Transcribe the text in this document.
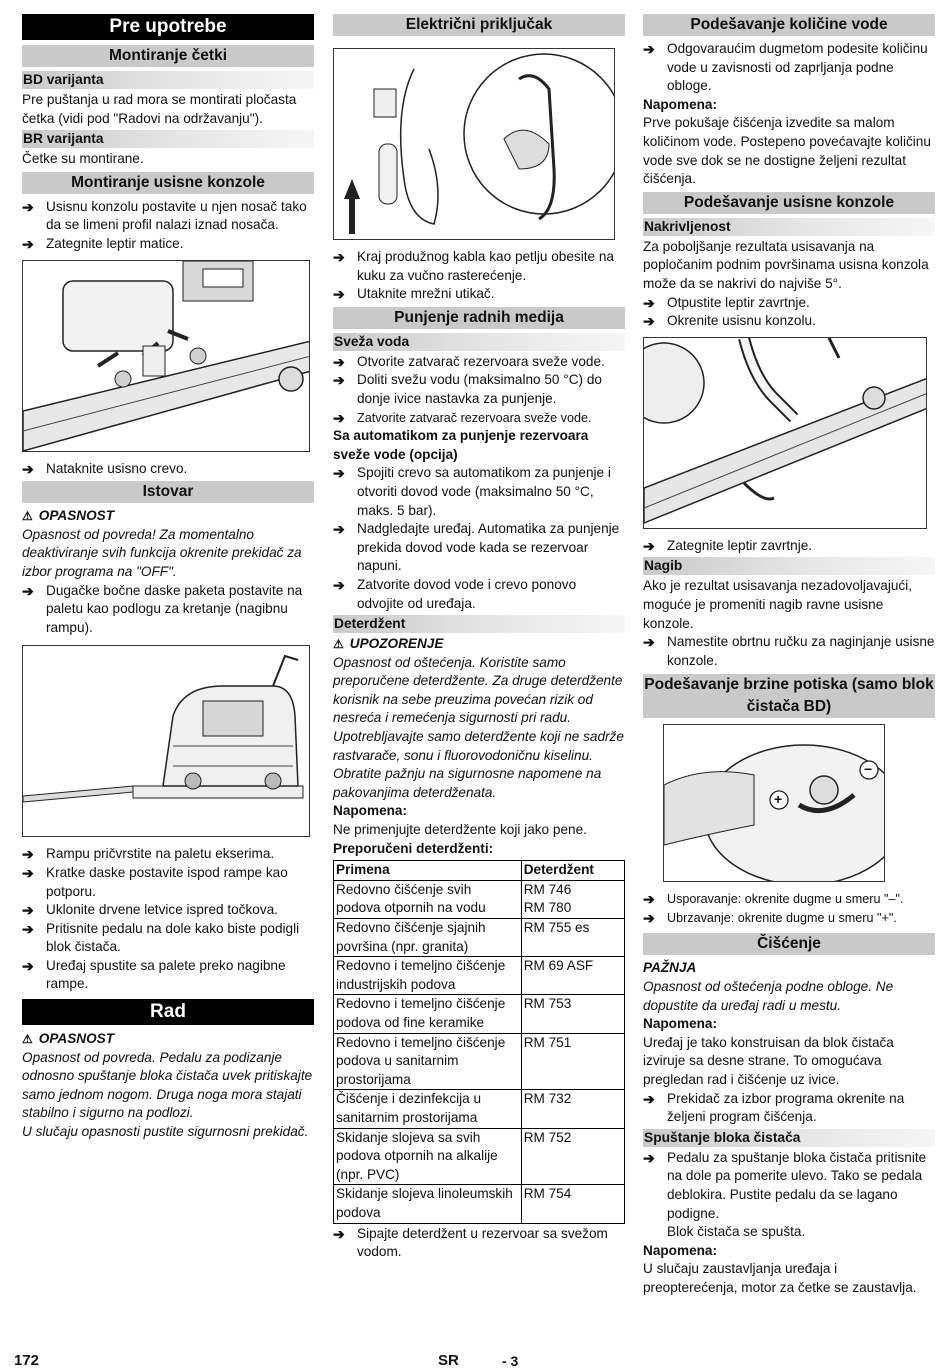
Pre upotrebe
Montiranje četki
BD varijanta

Pre puštanja u rad mora se montirati pločasta četka (vidi pod "Radovi na održavanju").

BR varijanta

Četke su montirane.

Montiranje usisne konzole
➔ Usisnu konzolu postavite u njen nosač tako da se limeni profil nalazi iznad nosača.
➔ Zategnite leptir matice.
➔ Nataknite usisno crevo.
Istovar
⚠ OPASNOST

Opasnost od povreda! Za momentalno deaktiviranje svih funkcija okrenite prekidač za izbor programa na "OFF".

➔ Dugačke bočne daske paketa postavite na paletu kao podlogu za kretanje (nagibnu rampu).
➔ Rampu pričvrstite na paletu ekserima.
➔ Kratke daske postavite ispod rampe kao potporu.
➔ Uklonite drvene letvice ispred točkova.
➔ Pritisnite pedalu na dole kako biste podigli blok čistača.
➔ Uređaj spustite sa palete preko nagibne rampe.
Rad
⚠ OPASNOST

Opasnost od povreda. Pedalu za podizanje odnosno spuštanje bloka čistača uvek pritiskajte samo jednom nogom. Druga noga mora stajati stabilno i sigurno na podlozi.

U slučaju opasnosti pustite sigurnosni prekidač.

Električni priključak
➔ Kraj produžnog kabla kao petlju obesite na kuku za vučno rasterećenje.
➔ Utaknite mrežni utikač.
Punjenje radnih medija
Sveža voda
➔ Otvorite zatvarač rezervoara sveže vode.
➔ Doliti svežu vodu (maksimalno 50 °C) do donje ivice nastavka za punjenje.
➔ Zatvorite zatvarač rezervoara sveže vode.

Sa automatikom za punjenje rezervoara sveže vode (opcija)

➔ Spojiti crevo sa automatikom za punjenje i otvoriti dovod vode (maksimalno 50 °C, maks. 5 bar).
➔ Nadgledajte uređaj. Automatika za punjenje prekida dovod vode kada se rezervoar napuni.
➔ Zatvorite dovod vode i crevo ponovo odvojite od uređaja.
Deterdžent
⚠ UPOZORENJE

Opasnost od oštećenja. Koristite samo preporučene deterdžente. Za druge deterdžente korisnik na sebe preuzima povećan rizik od nesreća i remećenja sigurnosti pri radu.

Upotrebljavajte samo deterdžente koji ne sadrže rastvarače, sonu i fluorovodoničnu kiselinu.

Obratite pažnju na sigurnosne napomene na pakovanjima deterdženata.

Napomena:

Ne primenjujte deterdžente koji jako pene.

Preporučeni deterdženti:

Primena	Deterdžent
Redovno čišćenje svih podova otpornih na vodu	RM 746
RM 780
Redovno čišćenje sjajnih površina (npr. granita)	RM 755 es
Redovno i temeljno čišćenje industrijskih podova	RM 69 ASF
Redovno i temeljno čišćenje podova od fine keramike	RM 753
Redovno i temeljno čišćenje podova u sanitarnim prostorijama	RM 751
Čišćenje i dezinfekcija u sanitarnim prostorijama	RM 732
Skidanje slojeva sa svih podova otpornih na alkalije (npr. PVC)	RM 752
Skidanje slojeva linoleumskih podova	RM 754
➔ Sipajte deterdžent u rezervoar sa svežom vodom.
Podešavanje količine vode
➔ Odgovaraućim dugmetom podesite količinu vode u zavisnosti od zaprljanja podne obloge.

Napomena:

Prve pokušaje čišćenja izvedite sa malom količinom vode. Postepeno povećavajte količinu vode sve dok se ne dostigne željeni rezultat čišćenja.

Podešavanje usisne konzole
Nakrivljenost

Za poboljšanje rezultata usisavanja na popločanim podnim površinama usisna konzola može da se nakrivi do najviše 5°.

➔ Otpustite leptir zavrtnje.
➔ Okrenite usisnu konzolu.
➔ Zategnite leptir zavrtnje.
Nagib

Ako je rezultat usisavanja nezadovoljavajući, moguće je promeniti nagib ravne usisne konzole.

➔ Namestite obrtnu ručku za naginjanje usisne konzole.
Podešavanje brzine potiska (samo blok čistača BD)
+
−
➔ Usporavanje: okrenite dugme u smeru "–".
➔ Ubrzavanje: okrenite dugme u smeru "+".
Čišćenje
PAŽNJA

Opasnost od oštećenja podne obloge. Ne dopustite da uređaj radi u mestu.

Napomena:

Uređaj je tako konstruisan da blok čistača izviruje sa desne strane. To omogućava pregledan rad i čišćenje uz ivice.

➔ Prekidač za izbor programa okrenite na željeni program čišćenja.
Spuštanje bloka čistača
➔ Pedalu za spuštanje bloka čistača pritisnite na dole pa pomerite ulevo. Tako se pedala deblokira. Pustite pedalu da se lagano podigne.

Blok čistača se spušta.

Napomena:

U slučaju zaustavljanja uređaja i preopterećenja, motor za četke se zaustavlja.

172	SR	- 3
